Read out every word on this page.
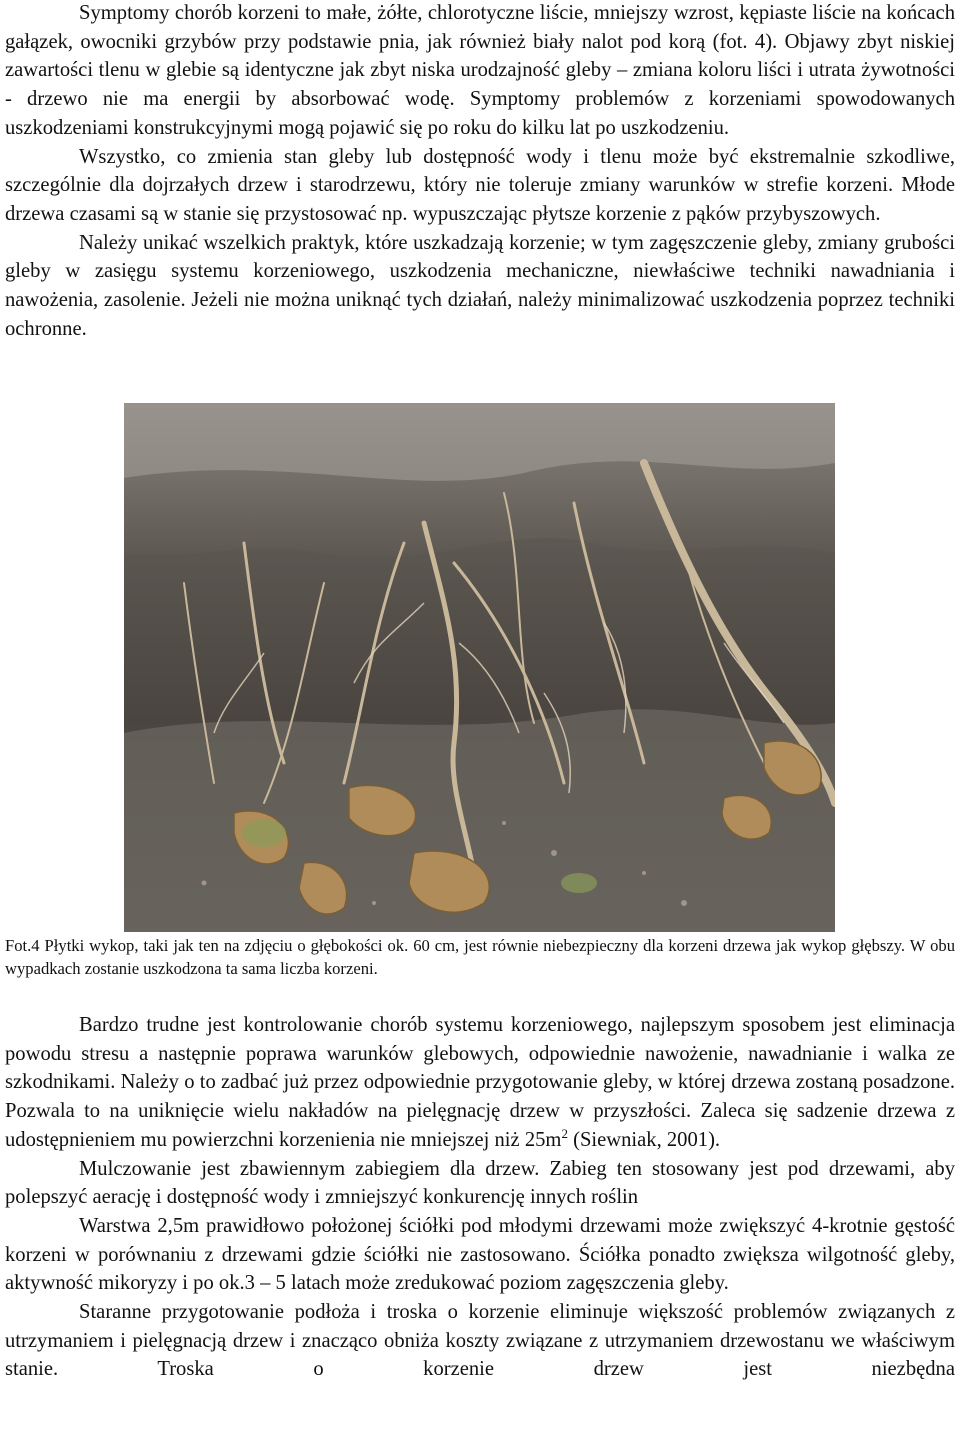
Symptomy chorób korzeni to małe, żółte, chlorotyczne liście, mniejszy wzrost, kępiaste liście na końcach gałązek, owocniki grzybów przy podstawie pnia, jak również biały nalot pod korą (fot. 4). Objawy zbyt niskiej zawartości tlenu w glebie są identyczne jak zbyt niska urodzajność gleby – zmiana koloru liści i utrata żywotności - drzewo nie ma energii by absorbować wodę. Symptomy problemów z korzeniami spowodowanych uszkodzeniami konstrukcyjnymi mogą pojawić się po roku do kilku lat po uszkodzeniu.

Wszystko, co zmienia stan gleby lub dostępność wody i tlenu może być ekstremalnie szkodliwe, szczególnie dla dojrzałych drzew i starodrzewu, który nie toleruje zmiany warunków w strefie korzeni. Młode drzewa czasami są w stanie się przystosować np. wypuszczając płytsze korzenie z pąków przybyszowych.

Należy unikać wszelkich praktyk, które uszkadzają korzenie; w tym zagęszczenie gleby, zmiany grubości gleby w zasięgu systemu korzeniowego, uszkodzenia mechaniczne, niewłaściwe techniki nawadniania i nawożenia, zasolenie. Jeżeli nie można uniknąć tych działań, należy minimalizować uszkodzenia poprzez techniki ochronne.

Fot.4 Płytki wykop, taki jak ten na zdjęciu o głębokości ok. 60 cm, jest równie niebezpieczny dla korzeni drzewa jak wykop głębszy. W obu wypadkach zostanie uszkodzona ta sama liczba korzeni.

Bardzo trudne jest kontrolowanie chorób systemu korzeniowego, najlepszym sposobem jest eliminacja powodu stresu a następnie poprawa warunków glebowych, odpowiednie nawożenie, nawadnianie i walka ze szkodnikami. Należy o to zadbać już przez odpowiednie przygotowanie gleby, w której drzewa zostaną posadzone. Pozwala to na uniknięcie wielu nakładów na pielęgnację drzew w przyszłości. Zaleca się sadzenie drzewa z udostępnieniem mu powierzchni korzenienia nie mniejszej niż $25m^2$ (Siewniak, 2001).

Mulczowanie jest zbawiennym zabiegiem dla drzew. Zabieg ten stosowany jest pod drzewami, aby polepszyć aerację i dostępność wody i zmniejszyć konkurencję innych roślin

Warstwa 2,5m prawidłowo położonej ściółki pod młodymi drzewami może zwiększyć 4-krotnie gęstość korzeni w porównaniu z drzewami gdzie ściółki nie zastosowano. Ściółka ponadto zwiększa wilgotność gleby, aktywność mikoryzy i po ok.3 – 5 latach może zredukować poziom zagęszczenia gleby.

Staranne przygotowanie podłoża i troska o korzenie eliminuje większość problemów związanych z utrzymaniem i pielęgnacją drzew i znacząco obniża koszty związane z utrzymaniem drzewostanu we właściwym stanie. Troska o korzenie drzew jest niezbędna
